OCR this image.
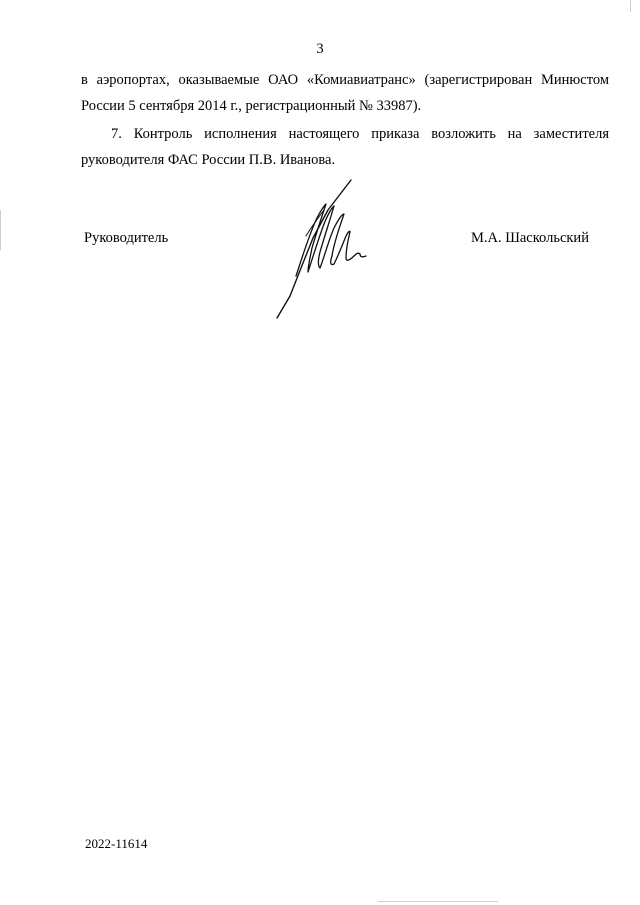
3

в аэропортах, оказываемые ОАО «Комиавиатранс» (зарегистрирован Минюстом России 5 сентября 2014 г., регистрационный № 33987).

7. Контроль исполнения настоящего приказа возложить на заместителя руководителя ФАС России П.В. Иванова.

Руководитель	М.А. Шаскольский
2022-11614
